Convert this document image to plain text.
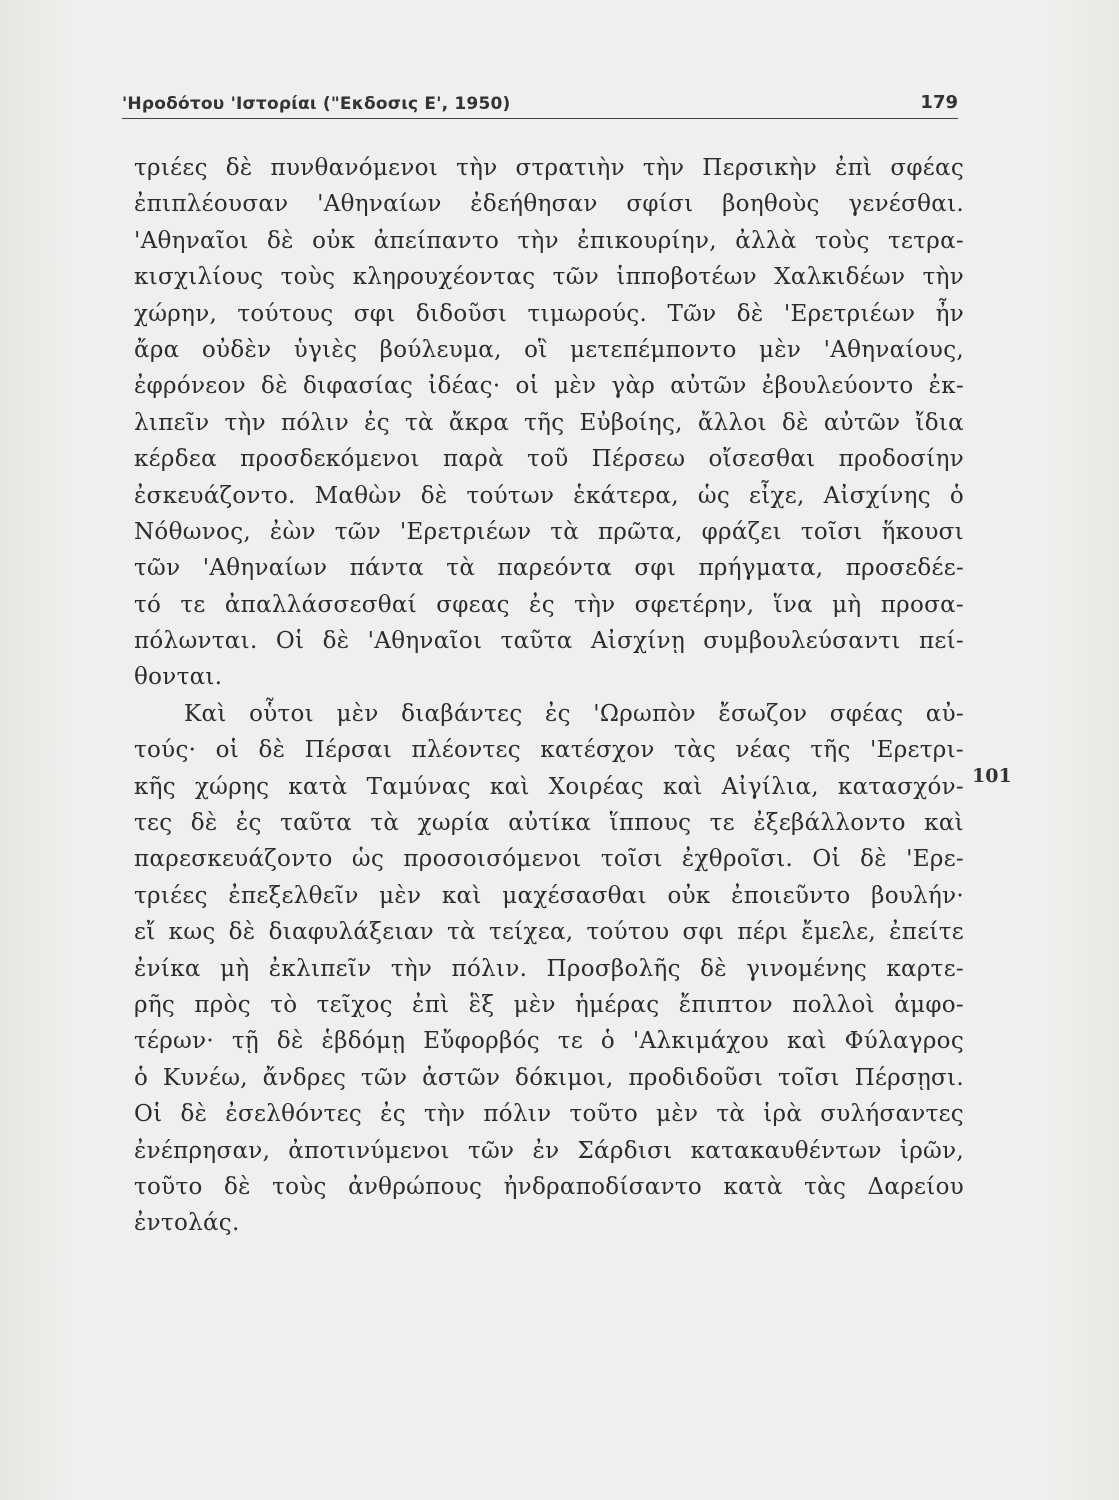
'Ηροδότου 'Ιστορίαι ("Εκδοσις Ε', 1950)	179
τριέες δὲ πυνθανόμενοι τὴν στρατιὴν τὴν Περσικὴν ἐπὶ σφέας
ἐπιπλέουσαν 'Αθηναίων ἐδεήθησαν σφίσι βοηθοὺς γενέσθαι.
'Αθηναῖοι δὲ οὐκ ἀπείπαντο τὴν ἐπικουρίην, ἀλλὰ τοὺς τετρα-
κισχιλίους τοὺς κληρουχέοντας τῶν ἱπποβοτέων Χαλκιδέων τὴν
χώρην, τούτους σφι διδοῦσι τιμωρούς. Τῶν δὲ 'Ερετριέων ἦν
ἄρα οὐδὲν ὑγιὲς βούλευμα, οἳ μετεπέμποντο μὲν 'Αθηναίους,
ἐφρόνεον δὲ διφασίας ἰδέας· οἱ μὲν γὰρ αὐτῶν ἐβουλεύοντο ἐκ-
λιπεῖν τὴν πόλιν ἐς τὰ ἄκρα τῆς Εὐβοίης, ἄλλοι δὲ αὐτῶν ἴδια
κέρδεα προσδεκόμενοι παρὰ τοῦ Πέρσεω οἴσεσθαι προδοσίην
ἐσκευάζοντο. Μαθὼν δὲ τούτων ἑκάτερα, ὡς εἶχε, Αἰσχίνης ὁ
Νόθωνος, ἐὼν τῶν 'Ερετριέων τὰ πρῶτα, φράζει τοῖσι ἥκουσι
τῶν 'Αθηναίων πάντα τὰ παρεόντα σφι πρήγματα, προσεδέε-
τό τε ἀπαλλάσσεσθαί σφεας ἐς τὴν σφετέρην, ἵνα μὴ προσα-
πόλωνται. Οἱ δὲ 'Αθηναῖοι ταῦτα Αἰσχίνῃ συμβουλεύσαντι πεί-
θονται.
Καὶ οὗτοι μὲν διαβάντες ἐς 'Ωρωπὸν ἔσωζον σφέας αὐ-
τούς· οἱ δὲ Πέρσαι πλέοντες κατέσχον τὰς νέας τῆς 'Ερετρι-
κῆς χώρης κατὰ Ταμύνας καὶ Χοιρέας καὶ Αἰγίλια, κατασχόν-
τες δὲ ἐς ταῦτα τὰ χωρία αὐτίκα ἵππους τε ἐξεβάλλοντο καὶ
παρεσκευάζοντο ὡς προσοισόμενοι τοῖσι ἐχθροῖσι. Οἱ δὲ 'Ερε-
τριέες ἐπεξελθεῖν μὲν καὶ μαχέσασθαι οὐκ ἐποιεῦντο βουλήν·
εἴ κως δὲ διαφυλάξειαν τὰ τείχεα, τούτου σφι πέρι ἔμελε, ἐπείτε
ἐνίκα μὴ ἐκλιπεῖν τὴν πόλιν. Προσβολῆς δὲ γινομένης καρτε-
ρῆς πρὸς τὸ τεῖχος ἐπὶ ἓξ μὲν ἡμέρας ἔπιπτον πολλοὶ ἀμφο-
τέρων· τῇ δὲ ἑβδόμῃ Εὔφορβός τε ὁ 'Αλκιμάχου καὶ Φύλαγρος
ὁ Κυνέω, ἄνδρες τῶν ἀστῶν δόκιμοι, προδιδοῦσι τοῖσι Πέρσῃσι.
Οἱ δὲ ἐσελθόντες ἐς τὴν πόλιν τοῦτο μὲν τὰ ἱρὰ συλήσαντες
ἐνέπρησαν, ἀποτινύμενοι τῶν ἐν Σάρδισι κατακαυθέντων ἱρῶν,
τοῦτο δὲ τοὺς ἀνθρώπους ἠνδραποδίσαντο κατὰ τὰς Δαρείου
ἐντολάς.
101
